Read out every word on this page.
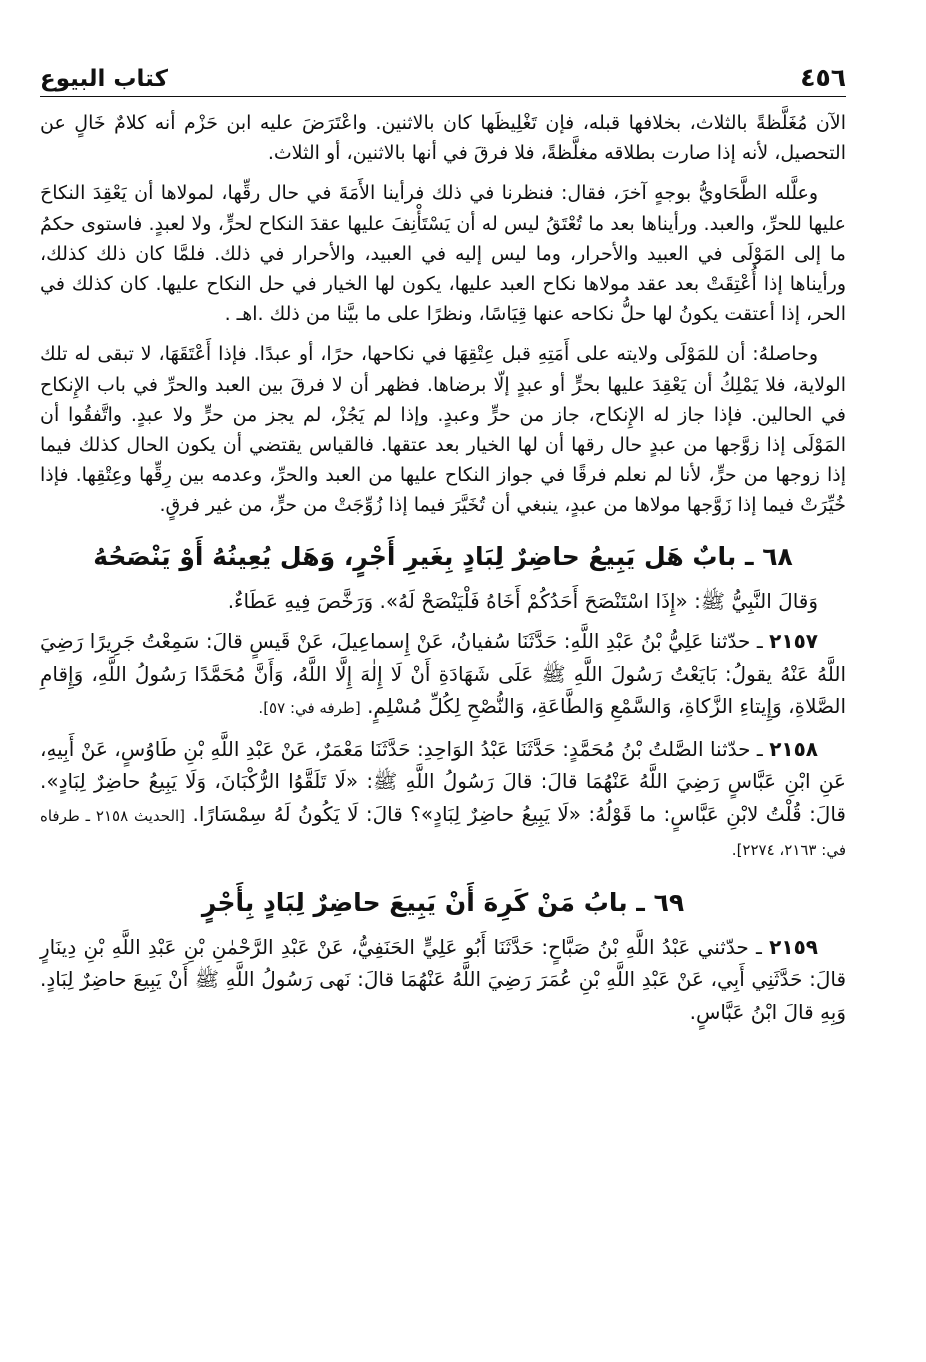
٤٥٦
كتاب البيوع

الآن مُغَلَّظةً بالثلاث، بخلافها قبله، فإن تَغْلِيظَها كان بالاثنين. واعْتَرَضَ عليه ابن حَزْم أنه كلامٌ خَالٍ عن التحصيل، لأنه إذا صارت بطلاقه مغلَّظةً، فلا فرقَ في أنها بالاثنين، أو الثلاث.

وعلَّله الطَّحَاويُّ بوجهٍ آخرَ، فقال: فنظرنا في ذلك فرأينا الأَمَةَ في حال رقِّها، لمولاها أن يَعْقِدَ النكاحَ عليها للحرِّ، والعبد. ورأيناها بعد ما تُعْتَقُ ليس له أن يَسْتَأْنِفَ عليها عقدَ النكاح لحرٍّ، ولا لعبدٍ. فاستوى حكمُ ما إلى المَوْلَى في العبيد والأحرار، وما ليس إليه في العبيد، والأحرار في ذلك. فلمَّا كان ذلك كذلك، ورأيناها إذا أُعْتِقَتْ بعد عقد مولاها نكاح العبد عليها، يكون لها الخيار في حل النكاح عليها. كان كذلك في الحر، إذا أعتقت يكونُ لها حلُّ نكاحه عنها قِيَاسًا، ونظرًا على ما بيَّنا من ذلك .اهـ .

وحاصلهُ: أن للمَوْلَى ولايته على أَمَتِهِ قبل عِتْقِهَا في نكاحها، حرًا، أو عبدًا. فإذا أَعْتَقَهَا، لا تبقى له تلك الولاية، فلا يَمْلِكُ أن يَعْقِدَ عليها بحرٍّ أو عبدٍ إلّا برضاها. فظهر أن لا فرقَ بين العبد والحرِّ في باب الإِنكاح في الحالين. فإذا جاز له الإِنكاح، جاز من حرٍّ وعبدٍ. وإذا لم يَجُزْ، لم يجز من حرٍّ ولا عبدٍ. واتَّفقُوا أن المَوْلَى إذا زوَّجها من عبدٍ حال رقها أن لها الخيار بعد عتقها. فالقياس يقتضي أن يكون الحال كذلك فيما إذا زوجها من حرٍّ، لأنا لم نعلم فرقًا في جواز النكاح عليها من العبد والحرِّ، وعدمه بين رِقِّها وعِتْقِها. فإذا خُيِّرَتْ فيما إذا زَوَّجها مولاها من عبدٍ، ينبغي أن تُخَيَّرَ فيما إذا زُوِّجَتْ من حرٍّ، من غير فرقٍ.

٦٨ ـ بابٌ هَل يَبِيعُ حاضِرٌ لِبَادٍ بِغَيرِ أَجْرٍ، وَهَل يُعِينُهُ أَوْ يَنْصَحُهُ

وَقالَ النَّبِيُّ ﷺ: «إِذَا اسْتَنْصَحَ أَحَدُكُمْ أَخَاهُ فَلْيَنْصَحْ لَهُ». وَرَخَّصَ فِيهِ عَطَاءٌ.

٢١٥٧ ـ حدّثنا عَلِيُّ بْنُ عَبْدِ اللَّهِ: حَدَّثَنَا سُفيانُ، عَنْ إِسماعِيلَ، عَنْ قَيسٍ قالَ: سَمِعْتُ جَرِيرًا رَضِيَ اللَّهُ عَنْهُ يقولُ: بَايَعْتُ رَسُولَ اللَّهِ ﷺ عَلَى شَهَادَةِ أَنْ لَا إِلٰهَ إِلَّا اللَّهُ، وَأَنَّ مُحَمَّدًا رَسُولُ اللَّهِ، وَإِقامِ الصَّلاةِ، وَإِيتاءِ الزَّكاةِ، وَالسَّمْعِ وَالطَّاعَةِ، وَالنُّصْحِ لِكُلِّ مُسْلِمٍ. [طرفه في: ٥٧].

٢١٥٨ ـ حدّثنا الصَّلتُ بْنُ مُحَمَّدٍ: حَدَّثَنَا عَبْدُ الوَاحِدِ: حَدَّثَنَا مَعْمَرٌ، عَنْ عَبْدِ اللَّهِ بْنِ طَاوُسٍ، عَنْ أَبِيهِ، عَنِ ابْنِ عَبَّاسٍ رَضِيَ اللَّهُ عَنْهُمَا قالَ: قالَ رَسُولُ اللَّهِ ﷺ: «لَا تَلَقَّوُا الرُّكْبَانَ، وَلَا يَبِيعُ حاضِرٌ لِبَادٍ». قالَ: قُلْتُ لابْنِ عَبَّاسٍ: ما قَوْلُهُ: «لَا يَبِيعُ حاضِرٌ لِبَادٍ»؟ قالَ: لَا يَكُونُ لَهُ سِمْسَارًا. [الحديث ٢١٥٨ ـ طرفاه في: ٢١٦٣، ٢٢٧٤].

٦٩ ـ بابُ مَنْ كَرِهَ أَنْ يَبِيعَ حاضِرٌ لِبَادٍ بِأَجْرٍ

٢١٥٩ ـ حدّثني عَبْدُ اللَّهِ بْنُ صَبَّاحٍ: حَدَّثَنَا أَبُو عَلِيٍّ الحَنَفِيُّ، عَنْ عَبْدِ الرَّحْمٰنِ بْنِ عَبْدِ اللَّهِ بْنِ دِينَارٍ قالَ: حَدَّثَنِي أَبِي، عَنْ عَبْدِ اللَّهِ بْنِ عُمَرَ رَضِيَ اللَّهُ عَنْهُمَا قالَ: نَهى رَسُولُ اللَّهِ ﷺ أَنْ يَبِيعَ حاضِرٌ لِبَادٍ. وَبِهِ قالَ ابْنُ عَبَّاسٍ.
